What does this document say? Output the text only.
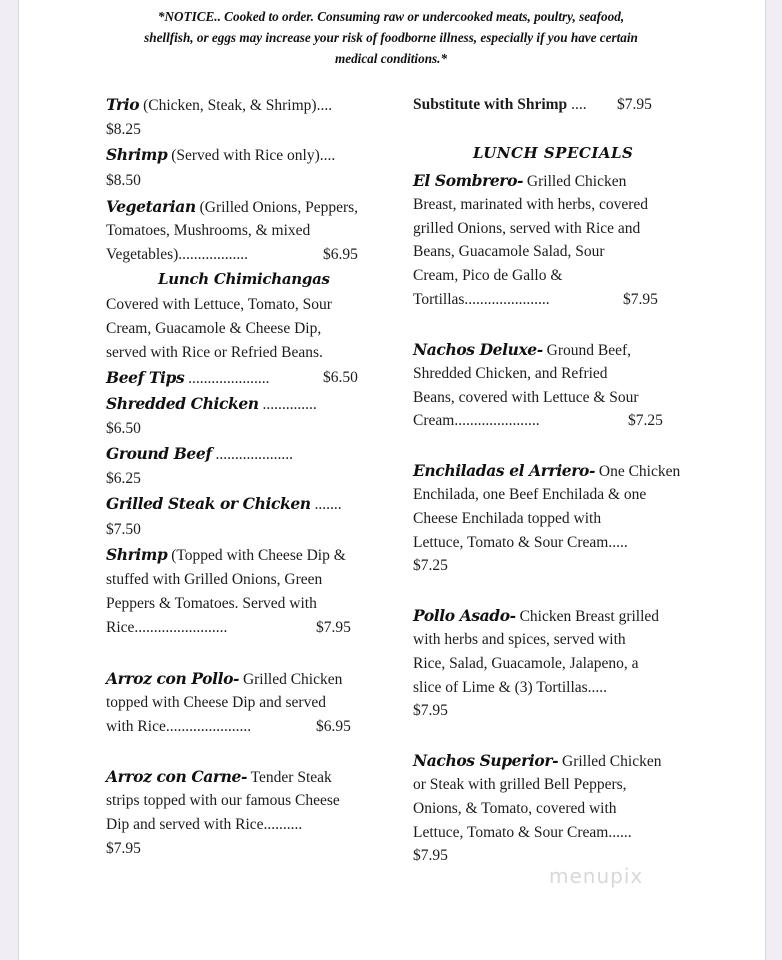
*NOTICE.. Cooked to order. Consuming raw or undercooked meats, poultry, seafood,
shellfish, or eggs may increase your risk of foodborne illness, especially if you have certain
medical conditions.*
Trio (Chicken, Steak, & Shrimp)....
$8.25
Shrimp (Served with Rice only)....
$8.50
Vegetarian (Grilled Onions, Peppers,
Tomatoes, Mushrooms, & mixed
Vegetables)..................	$6.95
Lunch Chimichangas
Covered with Lettuce, Tomato, Sour
Cream, Guacamole & Cheese Dip,
served with Rice or Refried Beans.
Beef Tips .....................	$6.50
Shredded Chicken ..............
$6.50
Ground Beef ....................
$6.25
Grilled Steak or Chicken .......
$7.50
Shrimp (Topped with Cheese Dip &
stuffed with Grilled Onions, Green
Peppers & Tomatoes. Served with
Rice........................	$7.95
Arroz con Pollo- Grilled Chicken
topped with Cheese Dip and served
with Rice......................	$6.95
Arroz con Carne- Tender Steak
strips topped with our famous Cheese
Dip and served with Rice..........
$7.95
Substitute with Shrimp .... $7.95
LUNCH SPECIALS
El Sombrero- Grilled Chicken
Breast, marinated with herbs, covered
grilled Onions, served with Rice and
Beans, Guacamole Salad, Sour
Cream, Pico de Gallo &
Tortillas......................	$7.95
Nachos Deluxe- Ground Beef,
Shredded Chicken, and Refried
Beans, covered with Lettuce & Sour
Cream......................	$7.25
Enchiladas el Arriero- One Chicken
Enchilada, one Beef Enchilada & one
Cheese Enchilada topped with
Lettuce, Tomato & Sour Cream.....
$7.25
Pollo Asado- Chicken Breast grilled
with herbs and spices, served with
Rice, Salad, Guacamole, Jalapeno, a
slice of Lime & (3) Tortillas.....
$7.95
Nachos Superior- Grilled Chicken
or Steak with grilled Bell Peppers,
Onions, & Tomato, covered with
Lettuce, Tomato & Sour Cream......
$7.95
menupix
